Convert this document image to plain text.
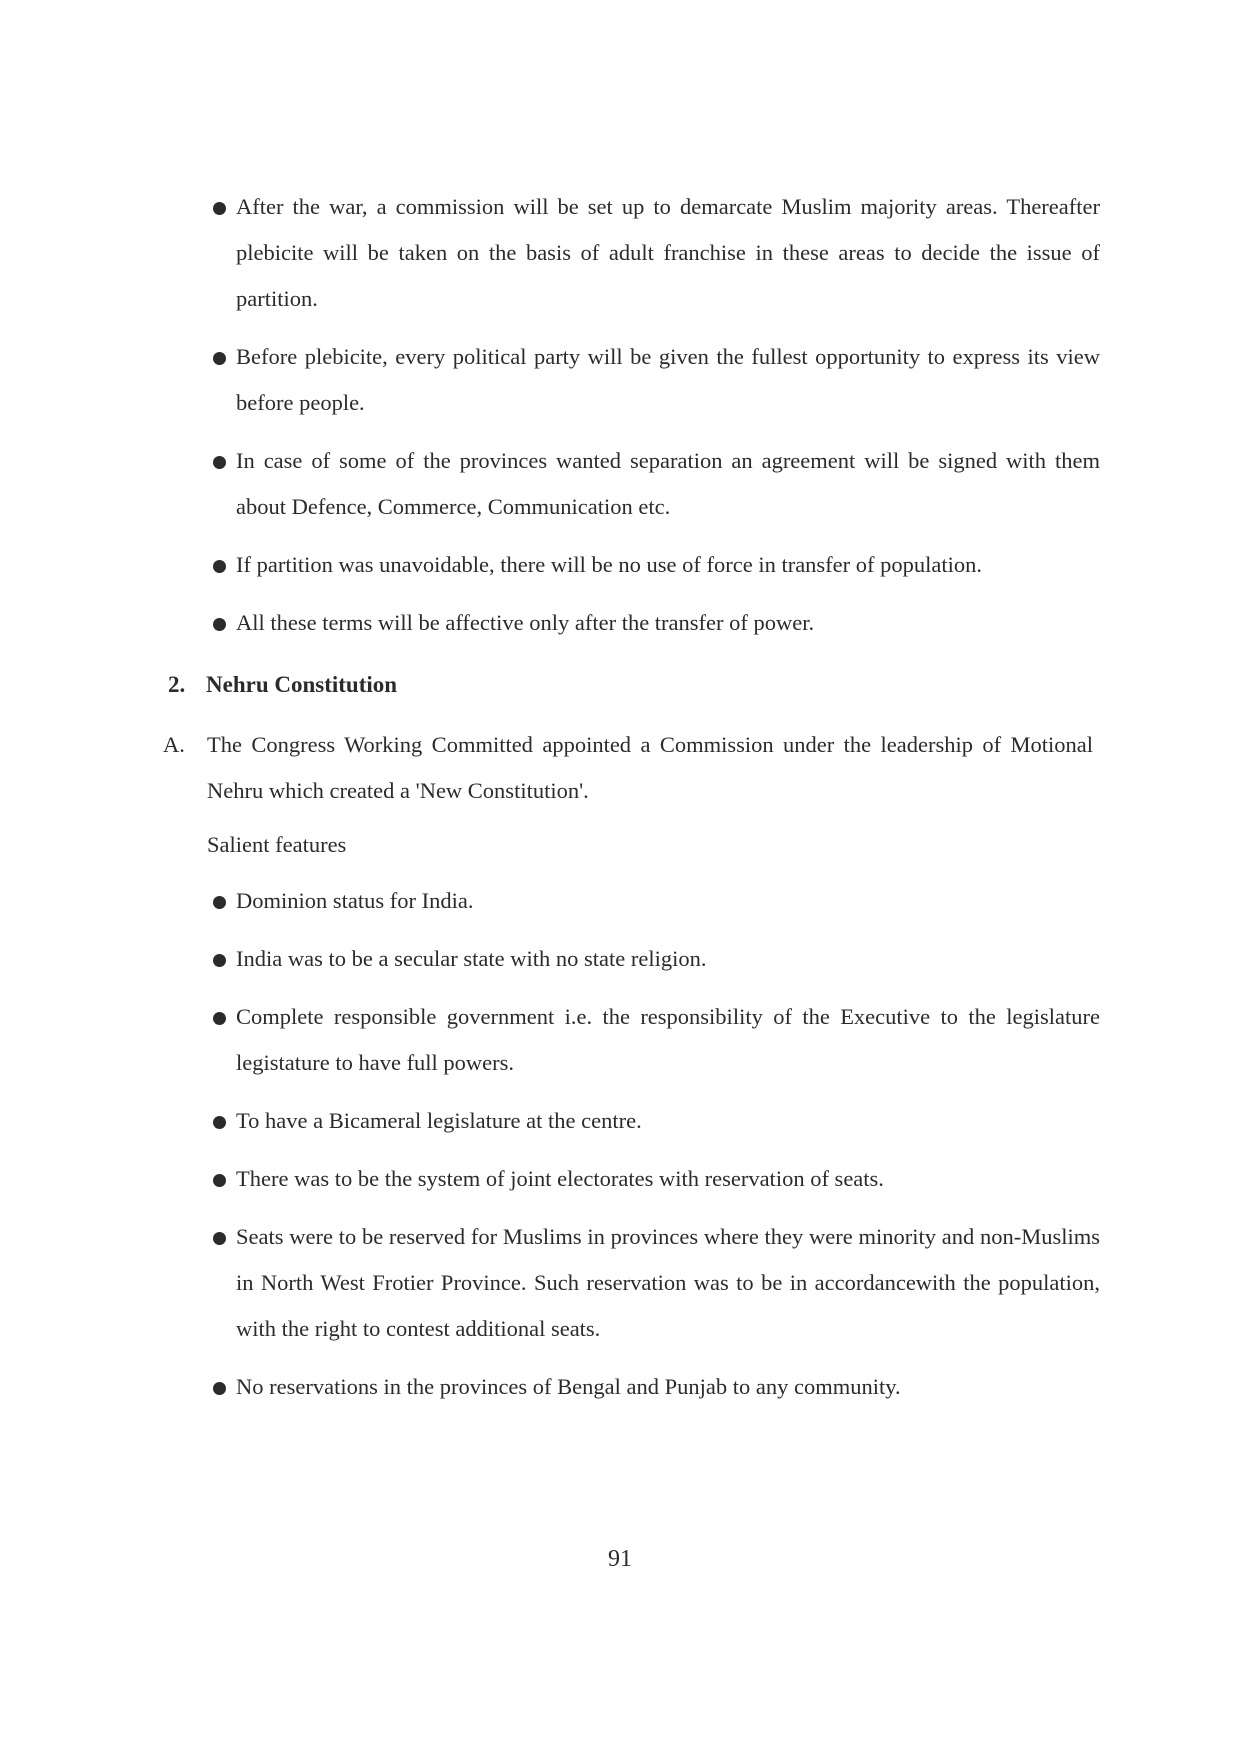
After the war, a commission will be set up to demarcate Muslim majority areas. Thereafter plebicite will be taken on the basis of adult franchise in these areas to decide the issue of partition.
Before plebicite, every political party will be given the fullest opportunity to express its view before people.
In case of some of the provinces wanted separation an agreement will be signed with them about Defence, Commerce, Communication etc.
If partition was unavoidable, there will be no use of force in transfer of population.
All these terms will be affective only after the transfer of power.
2. Nehru Constitution
A. The Congress Working Committed appointed a Commission under the leadership of Motional Nehru which created a 'New Constitution'.
Salient features
Dominion status for India.
India was to be a secular state with no state religion.
Complete responsible government i.e. the responsibility of the Executive to the legislature legistature to have full powers.
To have a Bicameral legislature at the centre.
There was to be the system of joint electorates with reservation of seats.
Seats were to be reserved for Muslims in provinces where they were minority and non-Muslims in North West Frotier Province. Such reservation was to be in accordancewith the population, with the right to contest additional seats.
No reservations in the provinces of Bengal and Punjab to any community.
91
